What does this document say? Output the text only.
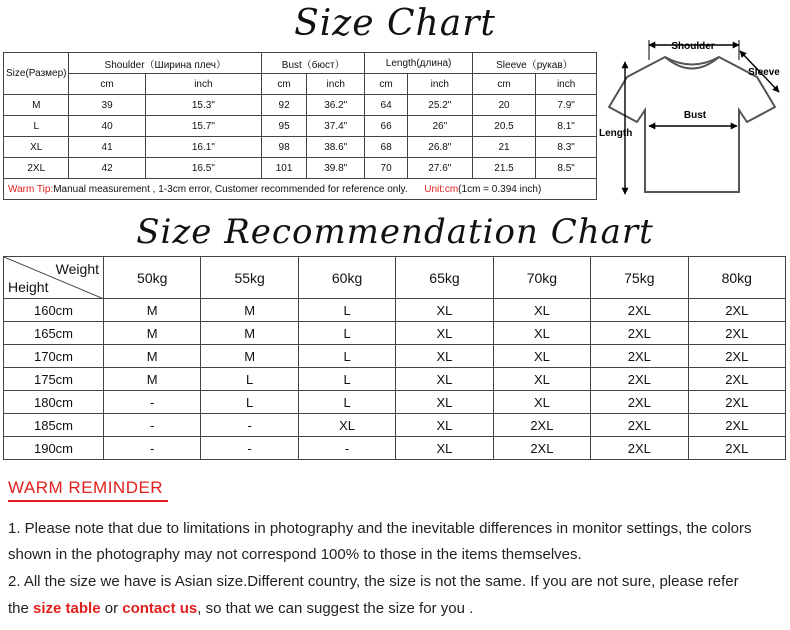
Size Chart
Size(Размер)	Shoulder（Ширина плеч）		Bust（бюст）		Length(длина)		Sleeve（рукав）	
	cm	inch	cm	inch	cm	inch	cm	inch
M	39	15.3"	92	36.2"	64	25.2"	20	7.9"
L	40	15.7"	95	37.4"	66	26"	20.5	8.1"
XL	41	16.1"	98	38.6"	68	26.8"	21	8.3"
2XL	42	16.5"	101	39.8"	70	27.6"	21.5	8.5"
Warm Tip:Manual measurement , 1-3cm error, Customer recommended for reference only. Unit:cm(1cm = 0.394 inch)								
Shoulder
Sleeve
Bust
Length
Size Recommendation Chart
Weight
Height	50kg	55kg	60kg	65kg	70kg	75kg	80kg
160cm	M	M	L	XL	XL	2XL	2XL
165cm	M	M	L	XL	XL	2XL	2XL
170cm	M	M	L	XL	XL	2XL	2XL
175cm	M	L	L	XL	XL	2XL	2XL
180cm	-	L	L	XL	XL	2XL	2XL
185cm	-	-	XL	XL	2XL	2XL	2XL
190cm	-	-	-	XL	2XL	2XL	2XL
WARM REMINDER
1. Please note that due to limitations in photography and the inevitable differences in monitor settings, the colors
shown in the photography may not correspond 100% to those in the items themselves.
2. All the size we have is Asian size.Different country, the size is not the same. If you are not sure, please refer
the size table or contact us, so that we can suggest the size for you .
